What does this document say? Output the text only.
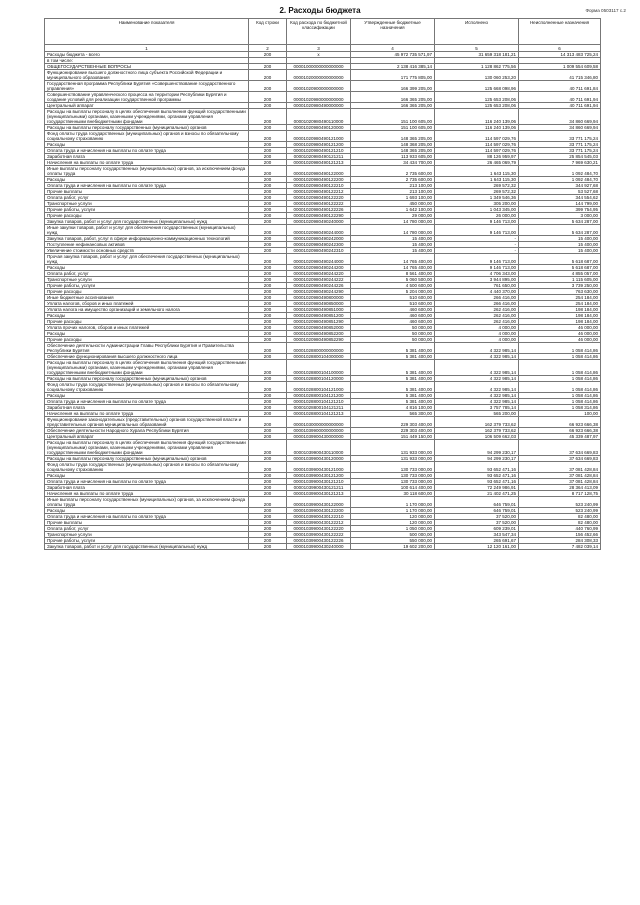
2. Расходы бюджета	Форма 0503117 с.2
Наименование показателя	Код строки	Код расхода по бюджетной классификации	Утвержденные бюджетные назначения	Исполнено	Неисполненные назначения
1	2	3	4	5	6
Расходы бюджета - всего	200	x	45 972 735 571,97	31 659 318 181,21	14 313 483 725,24
в том числе:					
ОБЩЕГОСУДАРСТВЕННЫЕ ВОПРОСЫ	200	00001000000000000000	2 138 416 385,14	1 128 862 775,56	1 009 554 609,58
Функционирование высшего должностного лица субъекта Российской Федерации и муниципального образования	200	00001020000000000000	171 775 805,00	130 060 253,20	41 715 346,80
Государственная программа Республики Бурятия «Совершенствование государственного управления»	200	00001020900000000000	166 399 205,00	125 668 098,96	40 711 691,84
Совершенствование управленческого процесса на территории Республики Бурятия и создание условий для реализации государственной программы	200	00001020980000000000	166 365 205,00	125 653 208,06	40 711 691,94
Центральный аппарат	200	00001020980490000000	166 365 205,00	125 653 208,06	40 711 691,94
Расходы на выплаты персоналу в целях обеспечения выполнения функций государственными (муниципальными) органами, казенными учреждениями, органами управления государственными внебюджетными фондами	200	00001020980490110000	151 100 605,00	116 240 139,06	34 860 669,94
Расходы на выплаты персоналу государственных (муниципальных) органов	200	00001020980490120000	151 100 605,00	116 240 139,06	34 860 669,94
Фонд оплаты труда государственных (муниципальных) органов и взносы по обязательному социальному страхованию	200	00001020980490121000	148 365 205,00	114 597 029,76	33 771 175,24
Расходы	200	00001020980490121200	148 368 205,00	114 597 029,76	33 771 175,24
Оплата труда и начисления на выплаты по оплате труда	200	00001020980490121210	148 365 205,00	114 597 029,76	33 771 175,24
Заработная плата	200	00001020980490121211	113 933 605,00	88 126 959,97	25 854 545,03
Начисления на выплаты по оплате труда	200	00001020980490121213	34 434 700,00	26 465 069,79	7 969 630,21
Иные выплаты персоналу государственных (муниципальных) органов, за исключением фонда оплаты труда	200	00001020980490122000	2 735 600,00	1 643 115,30	1 092 484,70
Расходы	200	00001020980490122200	2 735 600,00	1 643 115,30	1 092 484,70
Оплата труда и начисления на выплаты по оплате труда	200	00001020980490122210	213 100,00	269 572,32	344 927,68
Прочие выплаты	200	00001020980490122212	213 100,00	269 572,32	53 527,68
Оплата работ, услуг	200	00001020980490122220	1 693 100,00	1 349 546,36	344 554,62
Транспортные услуги	200	00001020980490122222	450 000,00	305 200,00	144 799,00
Прочие работы, услуги	200	00001020980490122226	1 642 100,00	1 043 345,00	399 754,95
Прочие расходы	200	00001020980490122290	29 000,00	26 000,00	3 000,00
Закупка товаров, работ и услуг для государственных (муниципальных) нужд	200	00001020980490240000	14 780 000,00	9 146 713,00	5 634 287,00
Иные закупки товаров, работ и услуг для обеспечения государственных (муниципальных) нужд	200	00001020980490244000	14 780 000,00	9 146 713,00	5 634 287,00
Закупка товаров, работ, услуг в сфере информационно-коммуникационных технологий	200	00001020980490242000	15 400,00	-	15 400,00
Поступление нефинансовых активов	200	00001020980490242300	15 400,00	-	15 400,00
Увеличение стоимости основных средств	200	00001020980490242310	15 400,00	-	15 400,00
Прочая закупка товаров, работ и услуг для обеспечения государственных (муниципальных) нужд	200	00001020980490244000	14 765 400,00	9 146 713,00	5 618 687,00
Расходы	200	00001020980490244200	14 765 400,00	9 146 713,00	5 618 687,00
Оплата работ, услуг	200	00001020980490244220	8 561 400,00	4 706 343,00	4 855 057,00
Транспортные услуги	200	00001020980490244222	5 060 500,00	3 944 895,00	1 115 605,00
Прочие работы, услуги	200	00001020980490244226	4 500 600,00	761 650,00	3 739 250,00
Прочие расходы	200	00001020980490244290	5 204 000,00	4 440 370,00	763 630,00
Иные бюджетные ассигнования	200	00001020980490800000	510 600,00	266 416,00	254 184,00
Уплата налогов, сборов и иных платежей	200	00001020980490850000	510 600,00	266 416,00	254 184,00
Уплата налога на имущество организаций и земельного налога	200	00001020980490851000	460 600,00	262 416,00	198 184,00
Расходы	200	00001020980490851200	460 600,00	262 416,00	198 184,00
Прочие расходы	200	00001020980490851290	460 600,00	262 416,00	198 184,00
Уплата прочих налогов, сборов и иных платежей	200	00001020980490852000	50 000,00	4 000,00	46 000,00
Расходы	200	00001020980490852200	50 000,00	4 000,00	46 000,00
Прочие расходы	200	00001020980490852290	50 000,00	4 000,00	46 000,00
Обеспечение деятельности Администрации Главы Республики Бурятия и Правительства Республики Бурятия	200	00001028800000000000	5 381 400,00	4 322 985,14	1 058 414,86
Обеспечение функционирования высшего должностного лица	200	00001028800104000000	5 381 400,00	4 322 985,14	1 058 414,86
Расходы на выплаты персоналу в целях обеспечения выполнения функций государственными (муниципальными) органами, казенными учреждениями, органами управления государственными внебюджетными фондами	200	00001028800104100000	5 381 400,00	4 322 985,14	1 058 414,86
Расходы на выплаты персоналу государственных (муниципальных) органов	200	00001028800104120000	5 381 400,00	4 322 985,14	1 058 414,86
Фонд оплаты труда государственных (муниципальных) органов и взносы по обязательному социальному страхованию	200	00001028800104121000	5 381 400,00	4 322 985,14	1 058 414,86
Расходы	200	00001028800104121200	5 381 400,00	4 322 985,14	1 058 414,86
Оплата труда и начисления на выплаты по оплате труда	200	00001028800104121210	5 381 400,00	4 322 985,14	1 058 414,86
Заработная плата	200	00001028800104121211	4 816 100,00	3 757 785,14	1 058 314,86
Начисления на выплаты по оплате труда	200	00001028800104121213	565 300,00	565 200,00	100,00
Функционирование законодательных (представительных) органов государственной власти и представительных органов муниципальных образований	200	00001030000000000000	229 303 400,00	162 379 733,62	66 923 666,38
Обеспечение деятельности Народного Хурала Республики Бурятия	200	00001039900000000000	229 303 400,00	162 379 733,62	66 923 666,38
Центральный аппарат	200	00001039900430000000	151 449 150,00	106 509 662,03	45 339 487,97
Расходы на выплаты персоналу в целях обеспечения выполнения функций государственными (муниципальными) органами, казенными учреждениями, органами управления государственными внебюджетными фондами	200	00001039900430110000	131 933 000,00	94 299 230,17	37 634 669,83
Расходы на выплаты персоналу государственных (муниципальных) органов	200	00001039900430120000	131 933 000,00	94 299 230,17	37 634 669,83
Фонд оплаты труда государственных (муниципальных) органов и взносы по обязательному социальному страхованию	200	00001039900430121000	130 733 000,00	93 652 471,16	37 081 428,84
Расходы	200	00001039900430121200	130 733 000,00	93 652 471,16	37 081 428,84
Оплата труда и начисления на выплаты по оплате труда	200	00001039900430121210	130 733 000,00	93 652 471,16	37 081 428,84
Заработная плата	200	00001039900430121211	100 614 400,00	72 249 986,91	28 364 413,09
Начисления на выплаты по оплате труда	200	00001039900430121213	30 118 600,00	21 402 471,25	8 717 128,75
Иные выплаты персоналу государственных (муниципальных) органов, за исключением фонда оплаты труда	200	00001039900430122000	1 170 000,00	646 759,01	523 240,99
Расходы	200	00001039900430122200	1 170 000,00	646 759,01	523 240,99
Оплата труда и начисления на выплаты по оплате труда	200	00001039900430122210	120 000,00	37 520,00	82 480,00
Прочие выплаты	200	00001039900430122212	120 000,00	37 520,00	82 480,00
Оплата работ, услуг	200	00001039900430122220	1 050 000,00	609 239,01	440 760,99
Транспортные услуги	200	00001039900430122222	500 000,00	343 547,34	156 452,66
Прочие работы, услуги	200	00001039900430122226	550 000,00	265 691,67	284 308,33
Закупка товаров, работ и услуг для государственных (муниципальных) нужд	200	00001039900430240000	19 602 200,00	12 120 161,00	7 482 039,14
